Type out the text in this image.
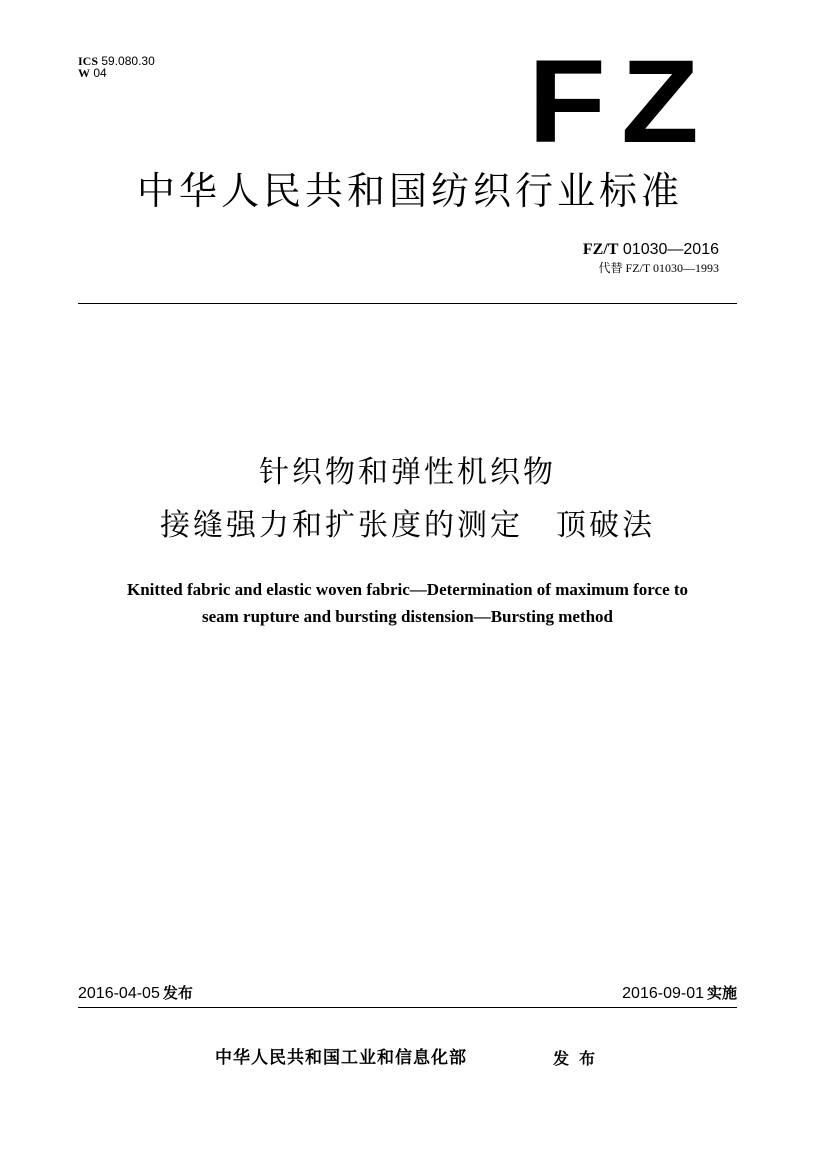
ICS 59.080.30
W 04	FZ
中华人民共和国纺织行业标准
FZ/T 01030—2016
代替 FZ/T 01030—1993
针织物和弹性机织物
接缝强力和扩张度的测定　顶破法
Knitted fabric and elastic woven fabric—Determination of maximum force to
seam rupture and bursting distension—Bursting method
2016-04-05 发布	2016-09-01 实施
中华人民共和国工业和信息化部	发布
